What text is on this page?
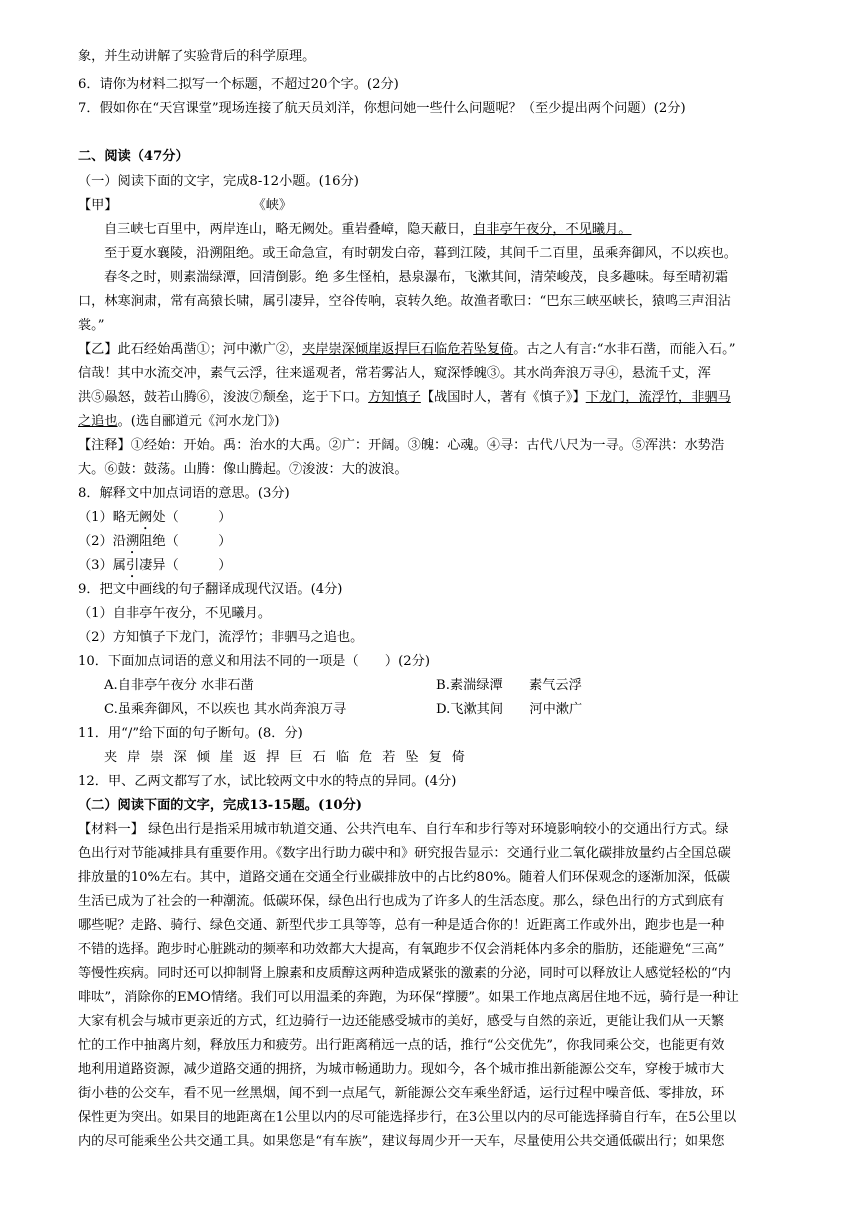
象，并生动讲解了实验背后的科学原理。
6．请你为材料二拟写一个标题，不超过20个字。(2分)
7．假如你在“天宫课堂”现场连接了航天员刘洋，你想问她一些什么问题呢？（至少提出两个问题）(2分)
二、阅读（47分）
（一）阅读下面的文字，完成8-12小题。(16分)
【甲】	《峡》
自三峡七百里中，两岸连山，略无阙处。重岩叠嶂，隐天蔽日，自非亭午夜分，不见曦月。
至于夏水襄陵，沿溯阻绝。或王命急宣，有时朝发白帝，暮到江陵，其间千二百里，虽乘奔御风，不以疾也。
春冬之时，则素湍绿潭，回清倒影。绝 多生怪柏，悬泉瀑布，飞漱其间，清荣峻茂，良多趣味。每至晴初霜
口，林寒涧肃，常有高猿长啸，属引凄异，空谷传响，哀转久绝。故渔者歌曰：“巴东三峡巫峡长，猿鸣三声泪沾
裳。”
【乙】此石经始禹凿①；河中漱广②，夹岸崇深倾崖返捍巨石临危若坠复倚。古之人有言:“水非石凿，而能入石。”
信哉！其中水流交冲，素气云浮，往来遥观者，常若雾沾人，窥深悸魄③。其水尚奔浪万寻④，悬流千丈，浑
洪⑤赑怒，鼓若山腾⑥，浚波⑦颓垒，迄于下口。方知慎子【战国时人，著有《慎子》】下龙门，流浮竹，非驷马
之追也。(选自郦道元《河水龙门》)
【注释】①经始：开始。禹：治水的大禹。②广：开阔。③魄：心魂。④寻：古代八尺为一寻。⑤浑洪：水势浩
大。⑥鼓：鼓荡。山腾：像山腾起。⑦浚波：大的波浪。
8．解释文中加点词语的意思。(3分)
（1）略无阙处（　　　）
（2）沿溯阻绝（　　　）
（3）属引凄异（　　　）
9．把文中画线的句子翻译成现代汉语。(4分)
（1）自非亭午夜分，不见曦月。
（2）方知慎子下龙门，流浮竹；非驷马之追也。
10．下面加点词语的意义和用法不同的一项是（　　）(2分)
A.自非亭午夜分 水非石凿	B.素湍绿潭　　素气云浮
C.虽乘奔御风，不以疾也 其水尚奔浪万寻	D.飞漱其间　　河中漱广
11．用“/”给下面的句子断句。(8．分)
夹岸崇深倾崖返捍巨石临危若坠复倚
12．甲、乙两文都写了水，试比较两文中水的特点的异同。(4分)
（二）阅读下面的文字，完成13-15题。(10分)
【材料一】 绿色出行是指采用城市轨道交通、公共汽电车、自行车和步行等对环境影响较小的交通出行方式。绿
色出行对节能减排具有重要作用。《数字出行助力碳中和》研究报告显示：交通行业二氧化碳排放量约占全国总碳
排放量的10%左右。其中，道路交通在交通全行业碳排放中的占比约80%。随着人们环保观念的逐渐加深，低碳
生活已成为了社会的一种潮流。低碳环保，绿色出行也成为了许多人的生活态度。那么，绿色出行的方式到底有
哪些呢？走路、骑行、绿色交通、新型代步工具等等，总有一种是适合你的！近距离工作或外出，跑步也是一种
不错的选择。跑步时心脏跳动的频率和功效都大大提高，有氧跑步不仅会消耗体内多余的脂肪，还能避免“三高”
等慢性疾病。同时还可以抑制肾上腺素和皮质醇这两种造成紧张的激素的分泌，同时可以释放让人感觉轻松的“内
啡呔”，消除你的EMO情绪。我们可以用温柔的奔跑，为环保“撑腰”。如果工作地点离居住地不远，骑行是一种让
大家有机会与城市更亲近的方式，红边骑行一边还能感受城市的美好，感受与自然的亲近，更能让我们从一天繁
忙的工作中抽离片刻，释放压力和疲劳。出行距离稍远一点的话，推行“公交优先”，你我同乘公交，也能更有效
地利用道路资源，减少道路交通的拥挤，为城市畅通助力。现如今，各个城市推出新能源公交车，穿梭于城市大
街小巷的公交车，看不见一丝黑烟，闻不到一点尾气，新能源公交车乘坐舒适，运行过程中噪音低、零排放，环
保性更为突出。如果目的地距离在1公里以内的尽可能选择步行，在3公里以内的尽可能选择骑自行车，在5公里以
内的尽可能乘坐公共交通工具。如果您是“有车族”，建议每周少开一天车，尽量使用公共交通低碳出行；如果您
